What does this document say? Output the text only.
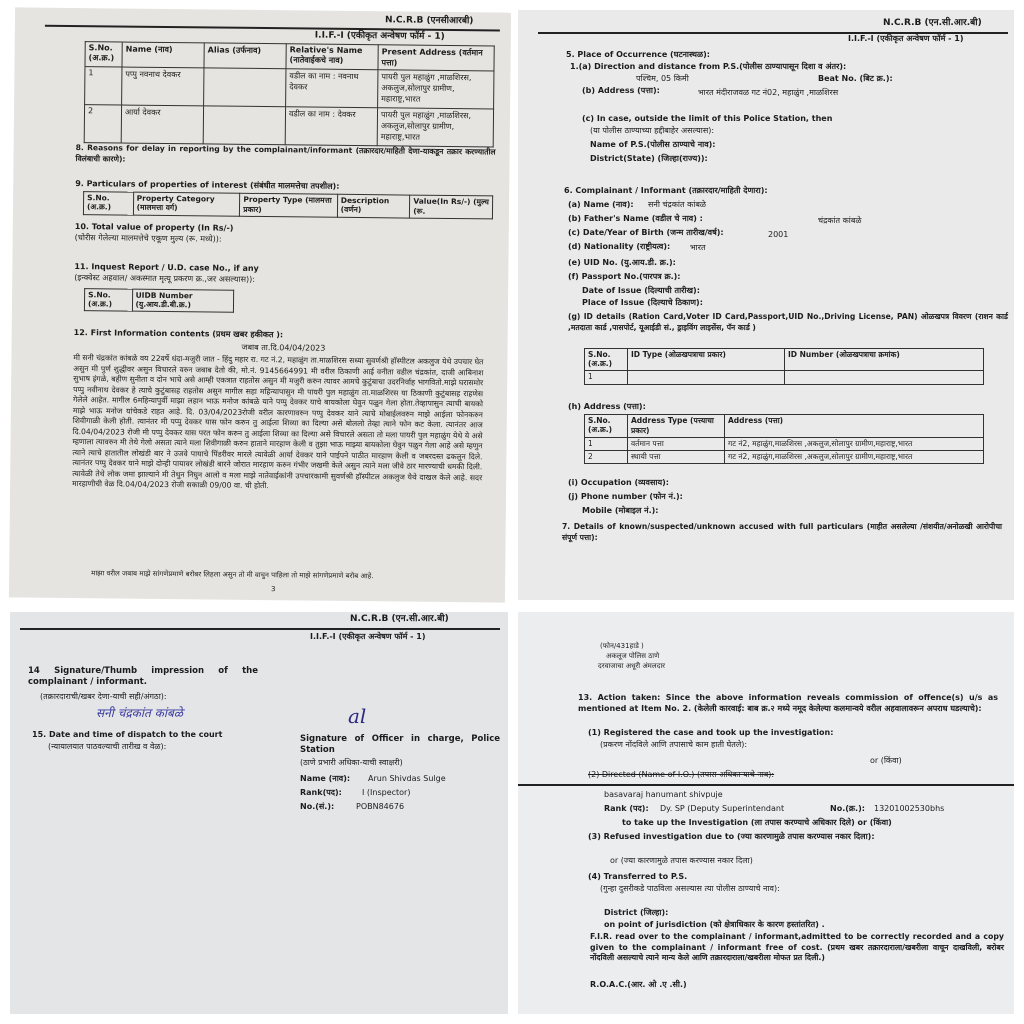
N.C.R.B (एनसीआरबी)
I.I.F.-I (एकीकृत अन्वेषण फॉर्म - 1)
S.No. (अ.क्र.)	Name (नाव)	Alias (उर्फनाव)	Relative's Name (नातेवाईकचे नाव)	Present Address (वर्तमान पत्ता)
1	पप्पु नवनाथ देवकर		वडील का नाम : नवनाथ देवकर	पायरी पुल महाळुंग ,माळशिरस, अकलुज,सोलापुर ग्रामीण, महाराष्ट्र,भारत
2	आर्या देवकर		वडील का नाम : देवकर	पायरी पुल महाळुंग ,माळशिरस, अकलुज,सोलापुर ग्रामीण, महाराष्ट्र,भारत
8. Reasons for delay in reporting by the complainant/informant (तक्रारदार/माहिती देणा-याकडून तक्रार करण्यातील विलंबाची कारणे):
9. Particulars of properties of interest (संबंधीत मालमत्तेचा तपशील):
S.No. (अ.क्र.)	Property Category (मालमत्ता वर्ग)	Property Type (मालमत्ता प्रकार)	Description (वर्णन)	Value(In Rs/-) (मुल्य (रू.
10. Total value of property (In Rs/-)
(चोरीस गेलेल्या मालमत्तेचे एकूण मुल्य (रू. मध्ये)):
11. Inquest Report / U.D. case No., if any
(इन्क्वेस्ट अहवाल/ अकस्मात मृत्यू प्रकरण क्र.,जर असल्यास)):
S.No. (अ.क्र.)	UIDB Number (यु.आय.डी.बी.क्र.)
12. First Information contents (प्रथम खबर हकीकत ):
जबाब ता.दि.04/04/2023
मी सनी चंद्रकांत कांबळे वय 22वर्षे धंदा-मजुरी जात - हिंदु महार रा. गट नं.2, महाळुंग ता.माळशिरस सध्या सुवर्णश्री हॉस्पीटल अकलुज येथे उपचार घेत असुन मी पुर्ण शुद्धीवर असुन विचारले वरुन जबाब देतो की, मो.नं. 9145664991 मी वरील ठिकाणी आई वनीता वडील चंद्रकांत, दाजी आबिनाश सुभाष इंगळे, बहीण सुनीता व दोन भाचे असे आम्ही एकत्रात राहतोस असुन मी मजुरी करुन त्यावर आमचे कुटुंबाचा उदरनिर्वाह भागवितो.माझे घरासमोर पप्पु नवीनाथ देवकर हे त्याचे कुटुंबासह राहतोस असुन मागील सहा महिन्यापासुन मी पायरी पुल महाळुंग ता.माळशिरस या ठिकाणी कुटुंबासह राहणेस गेलेले आहेत. मागील 6महिन्यापुर्वी माझा लहान भाऊ मनोज कांबळे याने पप्पु देवकर याचे बायकोला घेवुन पळुन गेला होता.तेव्हापासुन त्याची बायको माझे भाऊ मनोज यांचेकडे राहत आहे. दि. 03/04/2023रोजी वरील कारणावरुन पप्पु देवकर याने त्याचे मोबाईलवरुन माझे आईला फोनकरुन शिवीगाळी केली होती. त्यानंतर मी पप्पु देवकर यास फोन करुन तु आईला शिव्या का दिल्या असे बोललो तेव्हा त्याने फोन कट केला. त्यानंतर आज दि.04/04/2023 रोजी मी पप्पु देवकर यास परत फोन करुन तु आईला शिव्या का दिल्या असे विचारले असता तो मला पायरी पुल महाळुंग येथे ये असे म्हणाला त्यावरुन मी तेथे गेलो असता त्याने मला शिवीगाळी करुन हाताने मारहाण केली व तुझा भाऊ माझ्या बायकोला घेवुन पळुन गेला आहे असे म्हणुन त्याने त्याचे हातातील लोखंडी बार ने उजवे पायाचे पिंडरीवर मारले त्यावेळी आर्या देवकर याने पाईपने पाठीत मारहाण केली व जबरदस्त ढकलुन दिले. त्यानंतर पप्पु देवकर याने माझे दोन्ही पायावर लोखंडी बारने जोरात मारहाण करुन गंभीर जखमी केले असुन त्याने मला जीवे ठार मारण्याची धमकी दिली. त्यावेळी तेथे लोक जमा झाल्याने मी तेथुन निघुन आलो व मला माझे नातेवाईकांनी उपचारकामी सुवर्णश्री हॉस्पीटल अकलुज येथे दाखल केले आहे. सदर मारहाणीची वेळ दि.04/04/2023 रोजी सकाळी 09/00 वा. ची होती.
माझा वरील जबाब माझे सांगणेप्रमाणे बरोबर लिहला असुन तो मी वाचुन पाहिला तो माझे सांगणेप्रमाणे बरोब आहे.
3
N.C.R.B (एन.सी.आर.बी)
I.I.F.-I (एकीकृत अन्वेषण फॉर्म - 1)
5. Place of Occurrence (घटनास्थळ):
1.(a) Direction and distance from P.S.(पोलीस ठाण्यापासून दिशा व अंतर):
पश्चिम, 05 किमी	Beat No. (बिट क्र.):
(b) Address (पत्ता):	भारत मंदीराजवळ गट नं02, महाळुंग ,माळशिरस
(c) In case, outside the limit of this Police Station, then
(या पोलीस ठाण्याच्या हद्दीबाहेर असल्यास):
Name of P.S.(पोलीस ठाण्याचे नाव):
District(State) (जिल्हा(राज्य)):
6. Complainant / Informant (तक्रारदार/माहिती देणारा):
(a) Name (नाव): सनी चंद्रकांत कांबळे
(b) Father's Name (वडील चे नाव) :	चंद्रकांत कांबळे
(c) Date/Year of Birth (जन्म तारीख/वर्ष):	2001
(d) Nationality (राष्ट्रीयत्व): भारत
(e) UID No. (यु.आय.डी. क्र.):
(f) Passport No.(पारपत्र क्र.):
Date of Issue (दिल्याची तारीख):
Place of Issue (दिल्याचे ठिकाण):
(g) ID details (Ration Card,Voter ID Card,Passport,UID No.,Driving License, PAN) ओळखपत्र विवरण (राशन कार्ड ,मतदाता कार्ड ,पासपोर्ट, यूआईडी सं., ड्राइविंग लाइसेंस, पॅन कार्ड )
S.No. (अ.क्र.)	ID Type (ओळखपत्राचा प्रकार)	ID Number (ओळखपत्राचा क्रमांक)
1		
(h) Address (पत्ता):
S.No. (अ.क्र.)	Address Type (पत्त्याचा प्रकार)	Address (पत्ता)
1	वर्तमान पत्ता	गट नं2, महाळुंग,माळशिरस ,अकलुज,सोलापुर ग्रामीण,महाराष्ट्र,भारत
2	स्थायी पत्ता	गट नं2, महाळुंग,माळशिरस ,अकलुज,सोलापुर ग्रामीण,महाराष्ट्र,भारत
(i) Occupation (व्यवसाय):
(j) Phone number (फोन नं.):
Mobile (मोबाइल नं.):
7. Details of known/suspected/unknown accused with full particulars (माहीत असलेल्या /संशयीत/अनोळखी आरोपीचा संपूर्ण पत्ता):
N.C.R.B (एन.सी.आर.बी)
I.I.F.-I (एकीकृत अन्वेषण फॉर्म - 1)
14 Signature/Thumb impression of the complainant / informant.
(तक्रारदाराची/खबर देणा-याची सही/अंगठा):
सनी चंद्रकांत कांबळे
15. Date and time of dispatch to the court
(न्यायालयात पाठवल्याची तारीख व वेळ):
al
Signature of Officer in charge, Police Station
(ठाणे प्रभारी अधिका-याची स्वाक्षरी)
Name (नाव): Arun Shivdas Sulge
Rank(पद):	I (Inspector)
No.(सं.):	POBN84676
(फोन/431हाडे )
अकलूज पोलिस ठाणे
दरवाजाचा अधूरी अंमलदार
13. Action taken: Since the above information reveals commission of offence(s) u/s as mentioned at Item No. 2. (केलेली कारवाई: बाब क्र.२ मध्ये नमूद केलेल्या कलमान्वये वरील अहवालावरून अपराध घडल्याचे):
(1) Registered the case and took up the investigation:
(प्रकरण नोंदविले आणि तपासाचे काम हाती घेतले):
or (किंवा)
(2) Directed (Name of I.O.) (तपास अधिकाऱ्याचे नाव):
basavaraj hanumant shivpuje
Rank (पद): Dy. SP (Deputy Superintendant	No.(क्र.): 13201002530bhs
to take up the Investigation (ला तपास करण्याचे अधिकार दिले) or (किंवा)
(3) Refused investigation due to (ज्या कारणामुळे तपास करण्यास नकार दिला):
or (ज्या कारणामुळे तपास करण्यास नकार दिला)
(4) Transferred to P.S.
(गुन्हा दुसरीकडे पाठविला असल्यास त्या पोलीस ठाण्याचे नाव):
District (जिल्हा):
on point of jurisdiction (को क्षेत्राधिकार के कारण हस्तांतरित) .
F.I.R. read over to the complainant / informant,admitted to be correctly recorded and a copy given to the complainant / informant free of cost. (प्रथम खबर तक्रारदाराला/खबरीला वाचून दाखविली, बरोबर नोंदविली असल्याचे त्याने मान्य केले आणि तक्रारदाराला/खबरीला मोफत प्रत दिली.)
R.O.A.C.(आर. ओ .ए .सी.)
